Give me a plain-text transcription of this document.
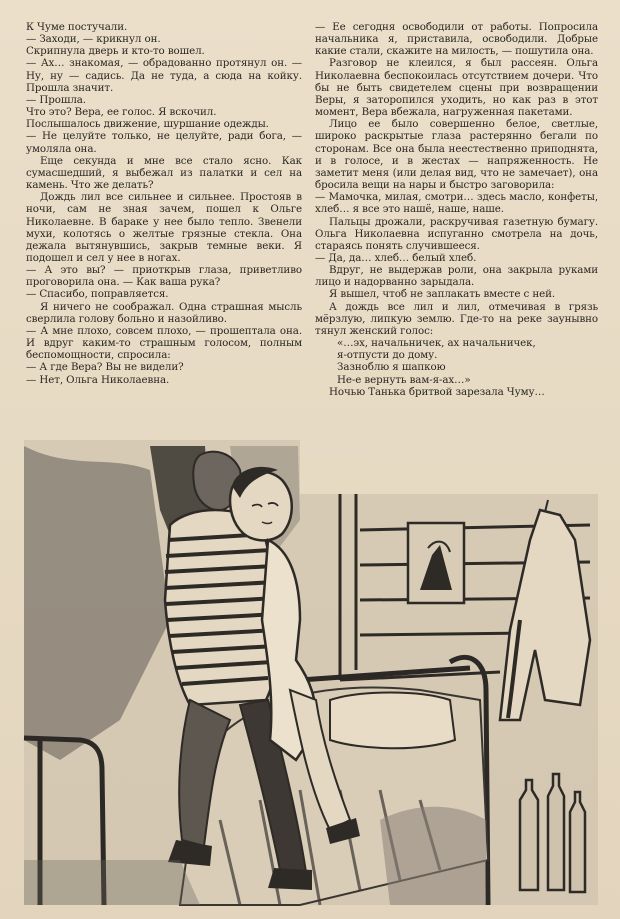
К Чуме постучали.

— Заходи, — крикнул он.

Скрипнула дверь и кто-то вошел.

— Ах… знакомая, — обрадованно протянул он. — Ну, ну — садись. Да не туда, а сюда на койку. Прошла значит.

— Прошла.

Что это? Вера, ее голос. Я вскочил.

Послышалось движение, шуршание одежды.

— Не целуйте только, не целуйте, ради бога, — умоляла она.

Еще секунда и мне все стало ясно. Как сумасшедший, я выбежал из палатки и сел на камень. Что же делать?

Дождь лил все сильнее и сильнее. Простояв в ночи, сам не зная зачем, пошел к Ольге Николаевне. В бараке у нее было тепло. Звенели мухи, колотясь о желтые грязные стекла. Она дежала вытянувшись, закрыв темные веки. Я подошел и сел у нее в ногах.

— А это вы? — приоткрыв глаза, приветливо проговорила она. — Как ваша рука?

— Спасибо, поправляется.

Я ничего не соображал. Одна страшная мысль сверлила голову больно и назойливо.

— А мне плохо, совсем плохо, — прошептала она. И вдруг каким-то страшным голосом, полным беспомощности, спросила:

— А где Вера? Вы не видели?

— Нет, Ольга Николаевна.

— Ее сегодня освободили от работы. Попросила начальника я, приставила, освободили. Добрые какие стали, скажите на милость, — пошутила она.

Разговор не клеился, я был рассеян. Ольга Николаевна беспокоилась отсутствием дочери. Что бы не быть свидетелем сцены при возвращении Веры, я заторопился уходить, но как раз в этот момент, Вера вбежала, нагруженная пакетами.

Лицо ее было совершенно белое, светлые, широко раскрытые глаза растерянно бегали по сторонам. Все она была неестественно приподнята, и в голосе, и в жестах — напряженность. Не заметит меня (или делая вид, что не замечает), она бросила вещи на нары и быстро заговорила:

— Мамочка, милая, смотри… здесь масло, конфеты, хлеб… я все это нашё, наше, наше.

Пальцы дрожали, раскручивая газетную бумагу. Ольга Николаевна испуганно смотрела на дочь, стараясь понять случившееся.

— Да, да… хлеб… белый хлеб.

Вдруг, не выдержав роли, она закрыла руками лицо и надорванно зарыдала.

Я вышел, чтоб не заплакать вместе с ней.

А дождь все лил и лил, отмечивая в грязь мёрзлую, липкую землю. Где-то на реке заунывно тянул женский голос:

«…эх, начальничек, ах начальничек,

я-отпусти до дому.

Зазноблю я шапкою

Не-е вернуть вам-я-ах…»

Ночью Танька бритвой зарезала Чуму…
